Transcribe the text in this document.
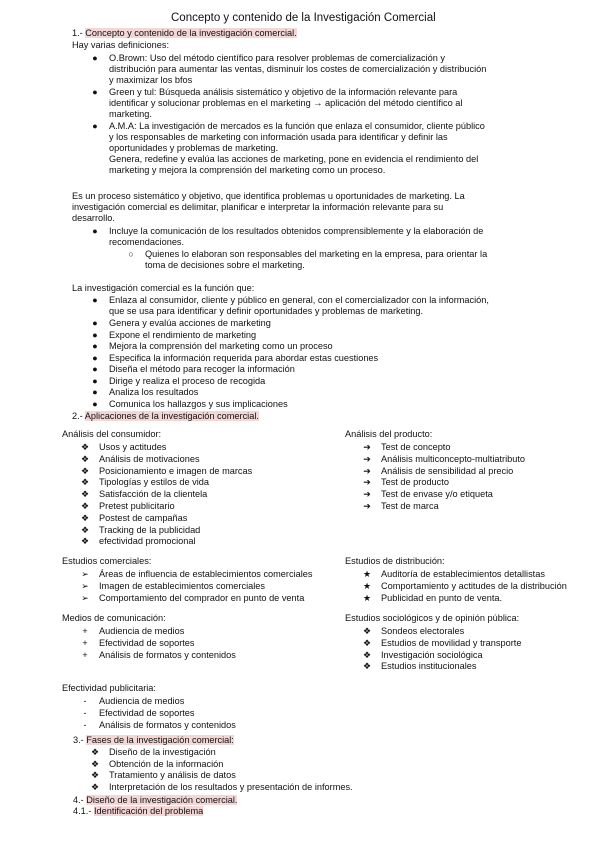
Concepto y contenido de la Investigación Comercial
1.- Concepto y contenido de la investigación comercial.
Hay varias definiciones:
●	O.Brown: Uso del método científico para resolver problemas de comercialización y
distribución para aumentar las ventas, disminuir los costes de comercialización y distribución
y maximizar los bfos
●	Green y tul: Búsqueda análisis sistemático y objetivo de la información relevante para
identificar y solucionar problemas en el marketing → aplicación del método científico al
marketing.
●	A.M.A: La investigación de mercados es la función que enlaza el consumidor, cliente público
y los responsables de marketing con información usada para identificar y definir las
oportunidades y problemas de marketing.
Genera, redefine y evalúa las acciones de marketing, pone en evidencia el rendimiento del
marketing y mejora la comprensión del marketing como un proceso.
Es un proceso sistemático y objetivo, que identifica problemas u oportunidades de marketing. La
investigación comercial es delimitar, planificar e interpretar la información relevante para su
desarrollo.
●	Incluye la comunicación de los resultados obtenidos comprensiblemente y la elaboración de
recomendaciones.
○	Quienes lo elaboran son responsables del marketing en la empresa, para orientar la
toma de decisiones sobre el marketing.
La investigación comercial es la función que:
●	Enlaza al consumidor, cliente y público en general, con el comercializador con la información,
que se usa para identificar y definir oportunidades y problemas de marketing.
●	Genera y evalúa acciones de marketing
●	Expone el rendimiento de marketing
●	Mejora la comprensión del marketing como un proceso
●	Especifica la información requerida para abordar estas cuestiones
●	Diseña el método para recoger la información
●	Dirige y realiza el proceso de recogida
●	Analiza los resultados
●	Comunica los hallazgos y sus implicaciones
2.- Aplicaciones de la investigación comercial.
Análisis del consumidor:
❖ Usos y actitudes
❖ Análisis de motivaciones
❖ Posicionamiento e imagen de marcas
❖ Tipologías y estilos de vida
❖ Satisfacción de la clientela
❖ Pretest publicitario
❖ Postest de campañas
❖ Tracking de la publicidad
❖ efectividad promocional
Análisis del producto:
➔ Test de concepto
➔ Análisis multiconcepto-multiatributo
➔ Análisis de sensibilidad al precio
➔ Test de producto
➔ Test de envase y/o etiqueta
➔ Test de marca
Estudios comerciales:
➢ Áreas de influencia de establecimientos comerciales
➢ Imagen de establecimientos comerciales
➢ Comportamiento del comprador en punto de venta
Estudios de distribución:
★ Auditoría de establecimientos detallistas
★ Comportamiento y actitudes de la distribución
★ Publicidad en punto de venta.
Medios de comunicación:
+	Audiencia de medios
+	Efectividad de soportes
+	Análisis de formatos y contenidos
Estudios sociológicos y de opinión pública:
❖ Sondeos electorales
❖ Estudios de movilidad y transporte
❖ Investigación sociológica
❖ Estudios institucionales
Efectividad publicitaria:
-	Audiencia de medios
-	Efectividad de soportes
-	Análisis de formatos y contenidos
3.- Fases de la investigación comercial:
❖ Diseño de la investigación
❖ Obtención de la información
❖ Tratamiento y análisis de datos
❖ Interpretación de los resultados y presentación de informes.
4.- Diseño de la investigación comercial.
4.1.- Identificación del problema
